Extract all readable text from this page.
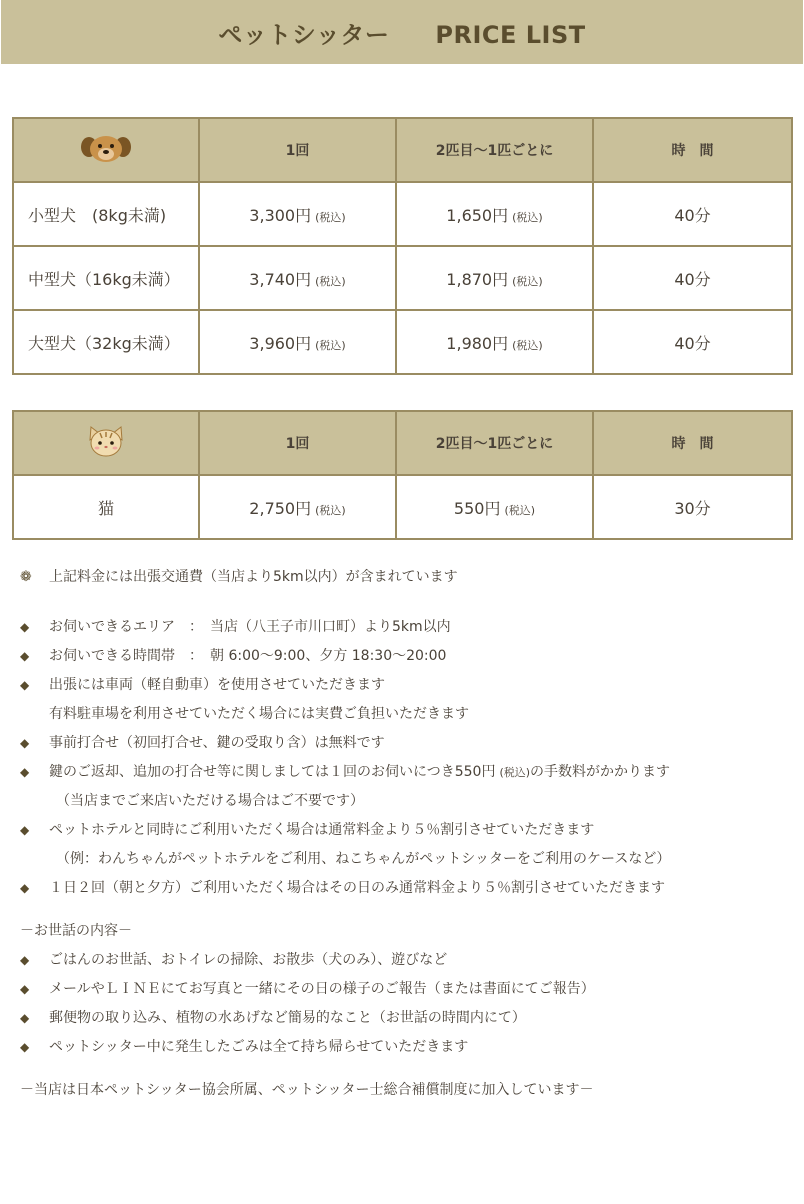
ペットシッター PRICE LIST
	1回	2匹目～1匹ごとに	時　間
小型犬　(8kg未満)	3,300円 (税込)	1,650円 (税込)	40分
中型犬（16kg未満）	3,740円 (税込)	1,870円 (税込)	40分
大型犬（32kg未満）	3,960円 (税込)	1,980円 (税込)	40分
	1回	2匹目～1匹ごとに	時　間
猫	2,750円 (税込)	550円 (税込)	30分
❁	上記料金には出張交通費（当店より5km以内）が含まれています
◆	お伺いできるエリア　：　当店（八王子市川口町）より5km以内
◆	お伺いできる時間帯　：　朝 6:00～9:00、夕方 18:30～20:00
◆	出張には車両（軽自動車）を使用させていただきます
有料駐車場を利用させていただく場合には実費ご負担いただきます
◆	事前打合せ（初回打合せ、鍵の受取り含）は無料です
◆	鍵のご返却、追加の打合せ等に関しましては１回のお伺いにつき550円 (税込)の手数料がかかります
（当店までご来店いただける場合はご不要です）
◆	ペットホテルと同時にご利用いただく場合は通常料金より５％割引させていただきます
（例：わんちゃんがペットホテルをご利用、ねこちゃんがペットシッターをご利用のケースなど）
◆	１日２回（朝と夕方）ご利用いただく場合はその日のみ通常料金より５％割引させていただきます
－お世話の内容－
◆	ごはんのお世話、おトイレの掃除、お散歩（犬のみ）、遊びなど
◆	メールやＬＩＮＥにてお写真と一緒にその日の様子のご報告（または書面にてご報告）
◆	郵便物の取り込み、植物の水あげなど簡易的なこと（お世話の時間内にて）
◆	ペットシッター中に発生したごみは全て持ち帰らせていただきます
－当店は日本ペットシッター協会所属、ペットシッター士総合補償制度に加入しています－
